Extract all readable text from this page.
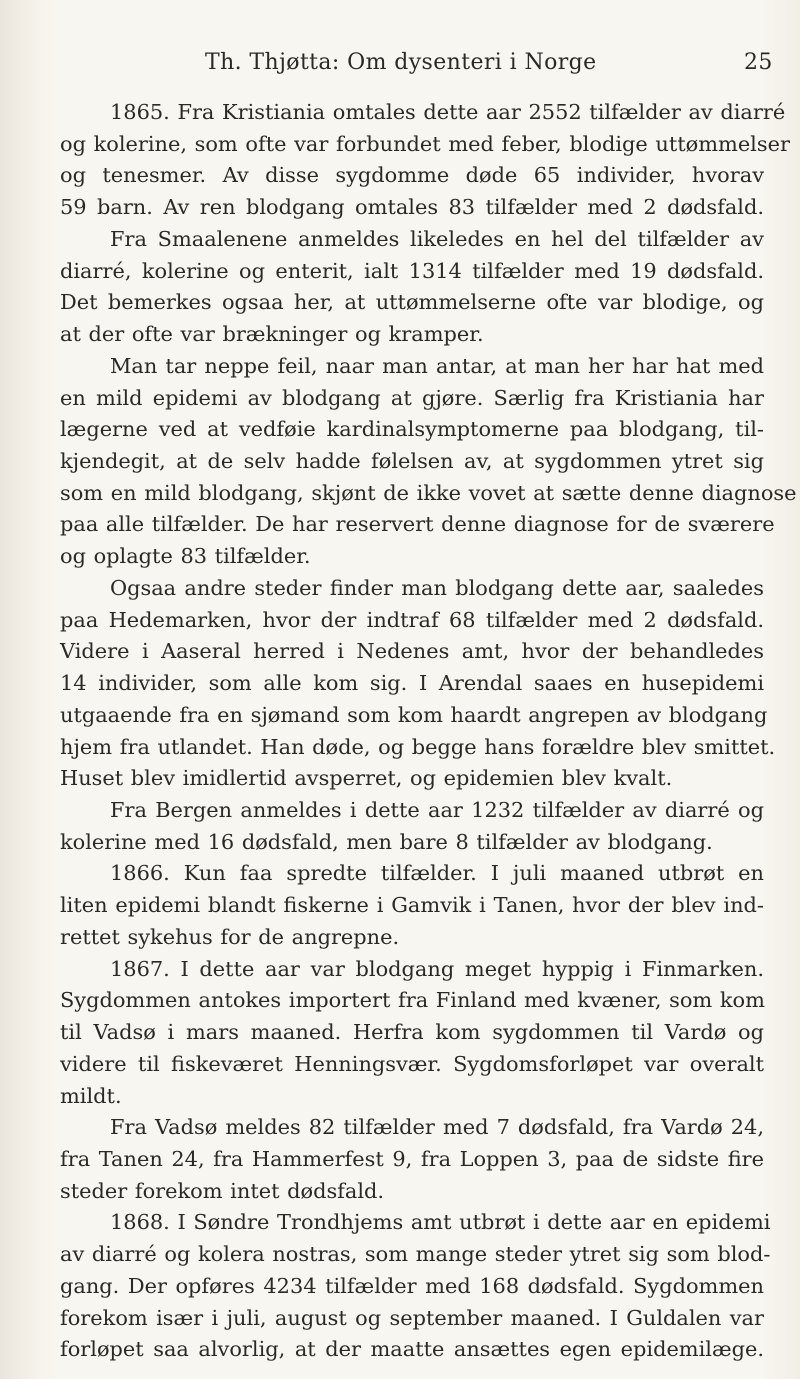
Th. Thjøtta: Om dysenteri i Norge	25
1865. Fra Kristiania omtales dette aar 2552 tilfælder av diarré
og kolerine, som ofte var forbundet med feber, blodige uttømmelser
og tenesmer. Av disse sygdomme døde 65 individer, hvorav
59 barn. Av ren blodgang omtales 83 tilfælder med 2 dødsfald.
Fra Smaalenene anmeldes likeledes en hel del tilfælder av
diarré, kolerine og enterit, ialt 1314 tilfælder med 19 dødsfald.
Det bemerkes ogsaa her, at uttømmelserne ofte var blodige, og
at der ofte var brækninger og kramper.
Man tar neppe feil, naar man antar, at man her har hat med
en mild epidemi av blodgang at gjøre. Særlig fra Kristiania har
lægerne ved at vedføie kardinalsymptomerne paa blodgang, til-
kjendegit, at de selv hadde følelsen av, at sygdommen ytret sig
som en mild blodgang, skjønt de ikke vovet at sætte denne diagnose
paa alle tilfælder. De har reservert denne diagnose for de sværere
og oplagte 83 tilfælder.
Ogsaa andre steder finder man blodgang dette aar, saaledes
paa Hedemarken, hvor der indtraf 68 tilfælder med 2 dødsfald.
Videre i Aaseral herred i Nedenes amt, hvor der behandledes
14 individer, som alle kom sig. I Arendal saaes en husepidemi
utgaaende fra en sjømand som kom haardt angrepen av blodgang
hjem fra utlandet. Han døde, og begge hans forældre blev smittet.
Huset blev imidlertid avsperret, og epidemien blev kvalt.
Fra Bergen anmeldes i dette aar 1232 tilfælder av diarré og
kolerine med 16 dødsfald, men bare 8 tilfælder av blodgang.
1866. Kun faa spredte tilfælder. I juli maaned utbrøt en
liten epidemi blandt fiskerne i Gamvik i Tanen, hvor der blev ind-
rettet sykehus for de angrepne.
1867. I dette aar var blodgang meget hyppig i Finmarken.
Sygdommen antokes importert fra Finland med kvæner, som kom
til Vadsø i mars maaned. Herfra kom sygdommen til Vardø og
videre til fiskeværet Henningsvær. Sygdomsforløpet var overalt
mildt.
Fra Vadsø meldes 82 tilfælder med 7 dødsfald, fra Vardø 24,
fra Tanen 24, fra Hammerfest 9, fra Loppen 3, paa de sidste fire
steder forekom intet dødsfald.
1868. I Søndre Trondhjems amt utbrøt i dette aar en epidemi
av diarré og kolera nostras, som mange steder ytret sig som blod-
gang. Der opføres 4234 tilfælder med 168 dødsfald. Sygdommen
forekom især i juli, august og september maaned. I Guldalen var
forløpet saa alvorlig, at der maatte ansættes egen epidemilæge.
